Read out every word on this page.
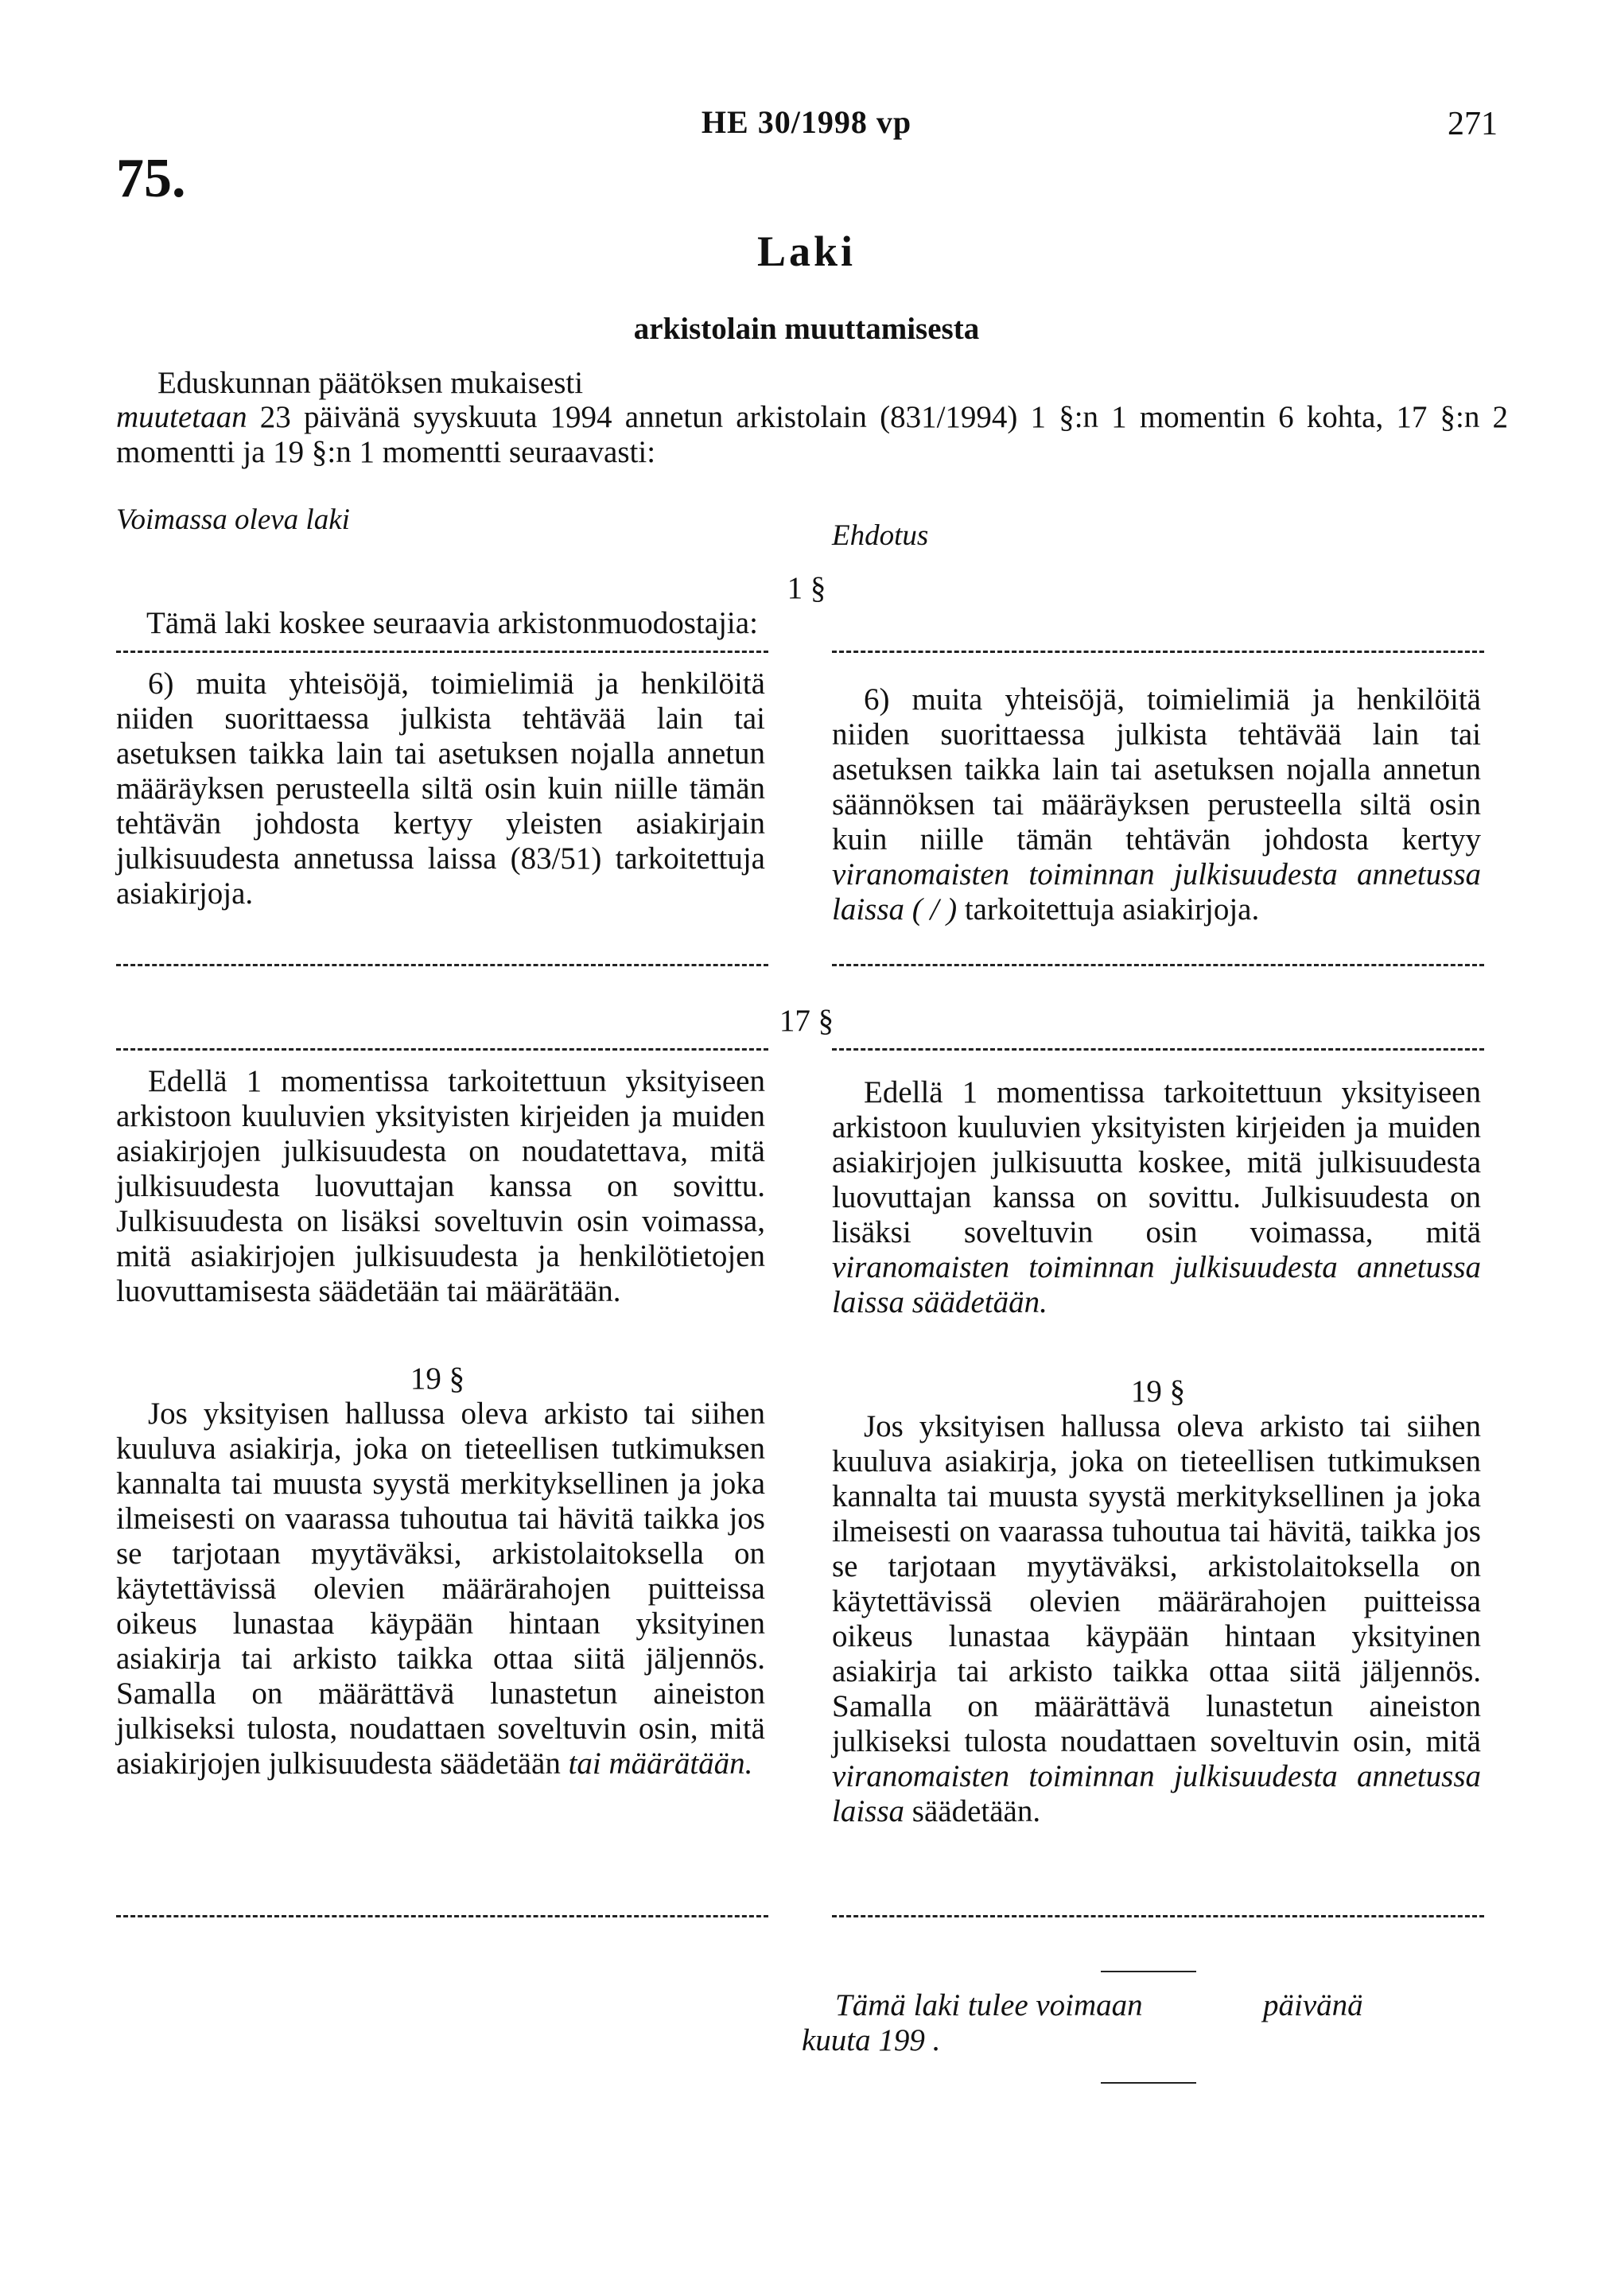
HE 30/1998 vp	271
75.
Laki
arkistolain muuttamisesta
Eduskunnan päätöksen mukaisesti
muutetaan 23 päivänä syyskuuta 1994 annetun arkistolain (831/1994) 1 §:n 1 momentin 6 kohta, 17 §:n 2 momentti ja 19 §:n 1 momentti seuraavasti:
Voimassa oleva laki	Ehdotus
1 §
Tämä laki koskee seuraavia arkistonmuodostajia:

6) muita yhteisöjä, toimielimiä ja henkilöitä niiden suorittaessa julkista tehtävää lain tai asetuksen taikka lain tai asetuksen nojalla annetun määräyksen perusteella siltä osin kuin niille tämän tehtävän johdosta kertyy yleisten asiakirjain julkisuudesta annetussa laissa (83/51) tarkoitettuja asiakirjoja.

6) muita yhteisöjä, toimielimiä ja henkilöitä niiden suorittaessa julkista tehtävää lain tai asetuksen taikka lain tai asetuksen nojalla annetun säännöksen tai määräyksen perusteella siltä osin kuin niille tämän tehtävän johdosta kertyy viranomaisten toiminnan julkisuudesta annetussa laissa ( / ) tarkoitettuja asiakirjoja.

17 §

Edellä 1 momentissa tarkoitettuun yksityiseen arkistoon kuuluvien yksityisten kirjeiden ja muiden asiakirjojen julkisuudesta on noudatettava, mitä julkisuudesta luovuttajan kanssa on sovittu. Julkisuudesta on lisäksi soveltuvin osin voimassa, mitä asiakirjojen julkisuudesta ja henkilötietojen luovuttamisesta säädetään tai määrätään.

Edellä 1 momentissa tarkoitettuun yksityiseen arkistoon kuuluvien yksityisten kirjeiden ja muiden asiakirjojen julkisuutta koskee, mitä julkisuudesta luovuttajan kanssa on sovittu. Julkisuudesta on lisäksi soveltuvin osin voimassa, mitä viranomaisten toiminnan julkisuudesta annetussa laissa säädetään.

19 §	19 §

Jos yksityisen hallussa oleva arkisto tai siihen kuuluva asiakirja, joka on tieteellisen tutkimuksen kannalta tai muusta syystä merkityksellinen ja joka ilmeisesti on vaarassa tuhoutua tai hävitä taikka jos se tarjotaan myytäväksi, arkistolaitoksella on käytettävissä olevien määrärahojen puitteissa oikeus lunastaa käypään hintaan yksityinen asiakirja tai arkisto taikka ottaa siitä jäljennös. Samalla on määrättävä lunastetun aineiston julkiseksi tulosta, noudattaen soveltuvin osin, mitä asiakirjojen julkisuudesta säädetään tai määrätään.

Jos yksityisen hallussa oleva arkisto tai siihen kuuluva asiakirja, joka on tieteellisen tutkimuksen kannalta tai muusta syystä merkityksellinen ja joka ilmeisesti on vaarassa tuhoutua tai hävitä, taikka jos se tarjotaan myytäväksi, arkistolaitoksella on käytettävissä olevien määrärahojen puitteissa oikeus lunastaa käypään hintaan yksityinen asiakirja tai arkisto taikka ottaa siitä jäljennös. Samalla on määrättävä lunastetun aineiston julkiseksi tulosta noudattaen soveltuvin osin, mitä viranomaisten toiminnan julkisuudesta annetussa laissa säädetään.

Tämä laki tulee voimaan	päivänä
kuuta 199 .
